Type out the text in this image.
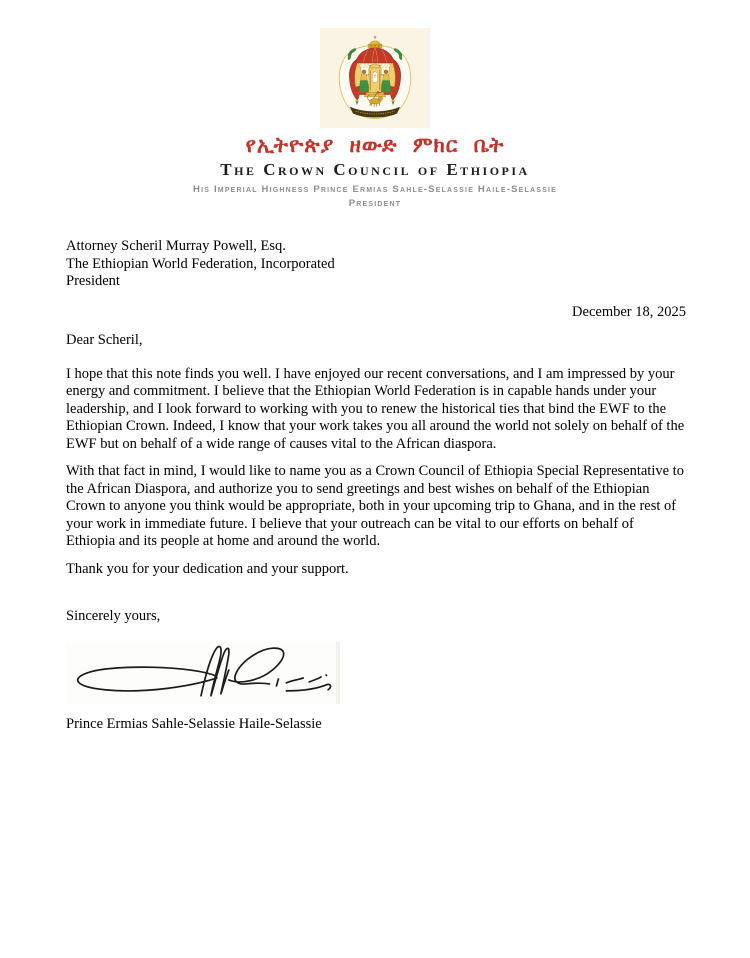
የኢትዮጵያ ዘውድ ምክር ቤት
The Crown Council of Ethiopia
His Imperial Highness Prince Ermias Sahle-Selassie Haile-Selassie
President
Attorney Scheril Murray Powell, Esq.
The Ethiopian World Federation, Incorporated
President
December 18, 2025
Dear Scheril,

I hope that this note finds you well. I have enjoyed our recent conversations, and I am impressed by your energy and commitment. I believe that the Ethiopian World Federation is in capable hands under your leadership, and I look forward to working with you to renew the historical ties that bind the EWF to the Ethiopian Crown. Indeed, I know that your work takes you all around the world not solely on behalf of the EWF but on behalf of a wide range of causes vital to the African diaspora.

With that fact in mind, I would like to name you as a Crown Council of Ethiopia Special Representative to the African Diaspora, and authorize you to send greetings and best wishes on behalf of the Ethiopian Crown to anyone you think would be appropriate, both in your upcoming trip to Ghana, and in the rest of your work in immediate future. I believe that your outreach can be vital to our efforts on behalf of Ethiopia and its people at home and around the world.

Thank you for your dedication and your support.

Sincerely yours,
Prince Ermias Sahle-Selassie Haile-Selassie
